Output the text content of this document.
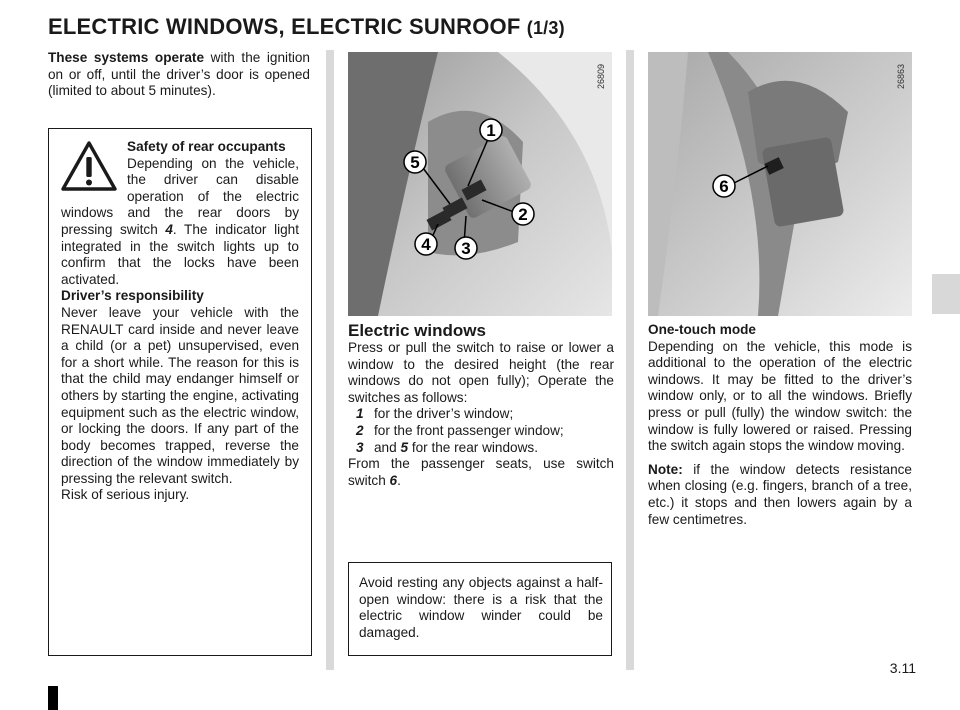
ELECTRIC WINDOWS, ELECTRIC SUNROOF (1/3)
These systems operate with the ignition on or off, until the driver’s door is opened (limited to about 5 minutes).

Safety of rear occupants

Depending on the vehicle, the driver can disable operation of the electric windows and the rear doors by pressing switch 4. The indicator light integrated in the switch lights up to confirm that the locks have been activated.

Driver’s responsibility

Never leave your vehicle with the RENAULT card inside and never leave a child (or a pet) unsupervised, even for a short while. The reason for this is that the child may endanger himself or others by starting the engine, activating equipment such as the electric window, or locking the doors. If any part of the body becomes trapped, reverse the direction of the window immediately by pressing the relevant switch.

Risk of serious injury.

1
2
3
4
5
26809
6
26863

Electric windows

Press or pull the switch to raise or lower a window to the desired height (the rear windows do not open fully); Operate the switches as follows:

1 for the driver’s window;
2 for the front passenger window;
3 and 5 for the rear windows.

From the passenger seats, use switch

switch 6.

Avoid resting any objects against a half-open window: there is a risk that the electric window winder could be damaged.

One-touch mode
Depending on the vehicle, this mode is additional to the operation of the electric windows. It may be fitted to the driver’s window only, or to all the windows. Briefly press or pull (fully) the window switch: the window is fully lowered or raised. Pressing the switch again stops the window moving.

Note: if the window detects resistance when closing (e.g. fingers, branch of a tree, etc.) it stops and then lowers again by a few centimetres.

3.11
